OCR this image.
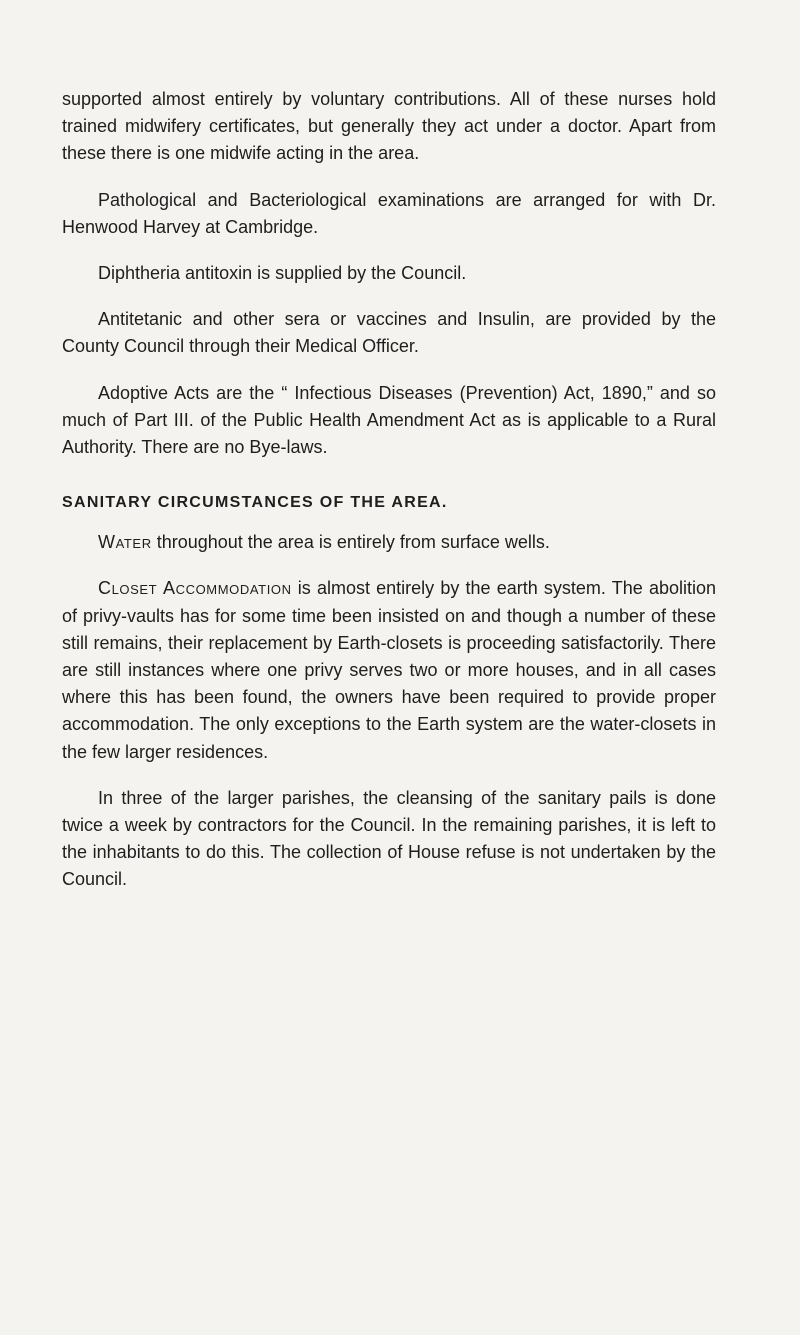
supported almost entirely by voluntary contributions. All of these nurses hold trained midwifery certificates, but generally they act under a doctor. Apart from these there is one midwife acting in the area.

Pathological and Bacteriological examinations are arranged for with Dr. Henwood Harvey at Cambridge.

Diphtheria antitoxin is supplied by the Council.

Antitetanic and other sera or vaccines and Insulin, are provided by the County Council through their Medical Officer.

Adoptive Acts are the “ Infectious Diseases (Prevention) Act, 1890,” and so much of Part III. of the Public Health Amendment Act as is applicable to a Rural Authority. There are no Bye-laws.

SANITARY CIRCUMSTANCES OF THE AREA.

Water throughout the area is entirely from surface wells.

Closet Accommodation is almost entirely by the earth system. The abolition of privy-vaults has for some time been insisted on and though a number of these still remains, their replacement by Earth-closets is proceeding satisfactorily. There are still instances where one privy serves two or more houses, and in all cases where this has been found, the owners have been required to provide proper accommodation. The only exceptions to the Earth system are the water-closets in the few larger residences.

In three of the larger parishes, the cleansing of the sanitary pails is done twice a week by contractors for the Council. In the remaining parishes, it is left to the inhabitants to do this. The collection of House refuse is not undertaken by the Council.
